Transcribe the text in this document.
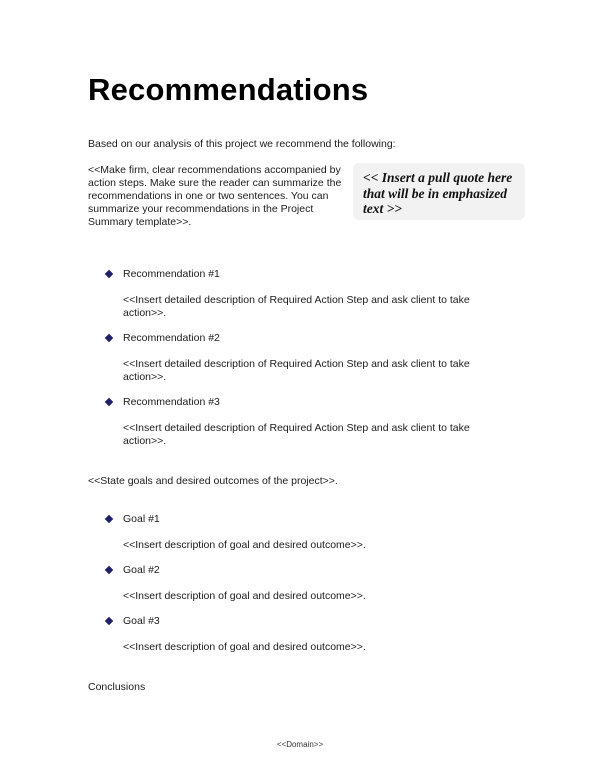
Recommendations
Based on our analysis of this project we recommend the following:
<<Make firm, clear recommendations accompanied by action steps. Make sure the reader can summarize the recommendations in one or two sentences. You can summarize your recommendations in the Project Summary template>>.
<< Insert a pull quote here that will be in emphasized text >>
Recommendation #1
<<Insert detailed description of Required Action Step and ask client to take action>>.
Recommendation #2
<<Insert detailed description of Required Action Step and ask client to take action>>.
Recommendation #3
<<Insert detailed description of Required Action Step and ask client to take action>>.
<<State goals and desired outcomes of the project>>.
Goal #1
<<Insert description of goal and desired outcome>>.
Goal #2
<<Insert description of goal and desired outcome>>.
Goal #3
<<Insert description of goal and desired outcome>>.
Conclusions
<<Domain>>
